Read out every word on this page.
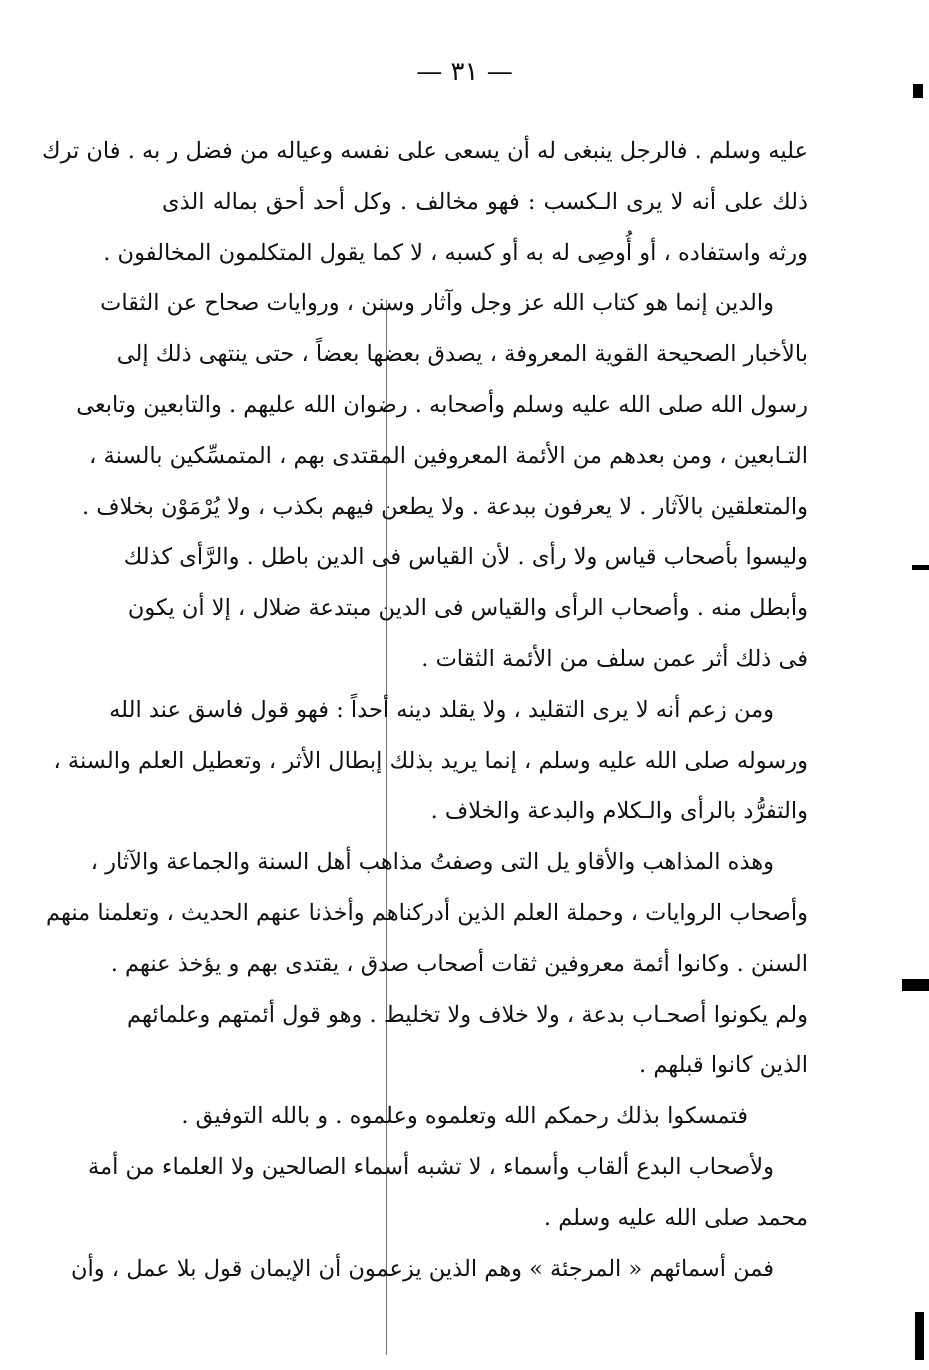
— ٣١ —
عليه وسلم . فالرجل ينبغى له أن يسعى على نفسه وعياله من فضل ر به . فان ترك
ذلك على أنه لا يرى الـكسب : فهو مخالف . وكل أحد أحق بماله الذى
ورثه واستفاده ، أو أُوصِى له به أو كسبه ، لا كما يقول المتكلمون المخالفون .
والدين إنما هو كتاب الله عز وجل وآثار وسنن ، وروايات صحاح عن الثقات
بالأخبار الصحيحة القوية المعروفة ، يصدق بعضها بعضاً ، حتى ينتهى ذلك إلى
رسول الله صلى الله عليه وسلم وأصحابه . رضوان الله عليهم . والتابعين وتابعى
التـابعين ، ومن بعدهم من الأئمة المعروفين المقتدى بهم ، المتمسِّكين بالسنة ،
والمتعلقين بالآثار . لا يعرفون ببدعة . ولا يطعن فيهم بكذب ، ولا يُرْمَوْن بخلاف .
وليسوا بأصحاب قياس ولا رأى . لأن القياس فى الدين باطل . والرَّأى كذلك
وأبطل منه . وأصحاب الرأى والقياس فى الدين مبتدعة ضلال ، إلا أن يكون
فى ذلك أثر عمن سلف من الأئمة الثقات .
ومن زعم أنه لا يرى التقليد ، ولا يقلد دينه أحداً : فهو قول فاسق عند الله
ورسوله صلى الله عليه وسلم ، إنما يريد بذلك إبطال الأثر ، وتعطيل العلم والسنة ،
والتفرُّد بالرأى والـكلام والبدعة والخلاف .
وهذه المذاهب والأقاو يل التى وصفتُ مذاهب أهل السنة والجماعة والآثار ،
وأصحاب الروايات ، وحملة العلم الذين أدركناهم وأخذنا عنهم الحديث ، وتعلمنا منهم
السنن . وكانوا أئمة معروفين ثقات أصحاب صدق ، يقتدى بهم و يؤخذ عنهم .
ولم يكونوا أصحـاب بدعة ، ولا خلاف ولا تخليط . وهو قول أئمتهم وعلمائهم
الذين كانوا قبلهم .
فتمسكوا بذلك رحمكم الله وتعلموه وعلموه . و بالله التوفيق .
ولأصحاب البدع ألقاب وأسماء ، لا تشبه أسماء الصالحين ولا العلماء من أمة
محمد صلى الله عليه وسلم .
فمن أسمائهم « المرجئة » وهم الذين يزعمون أن الإيمان قول بلا عمل ، وأن
